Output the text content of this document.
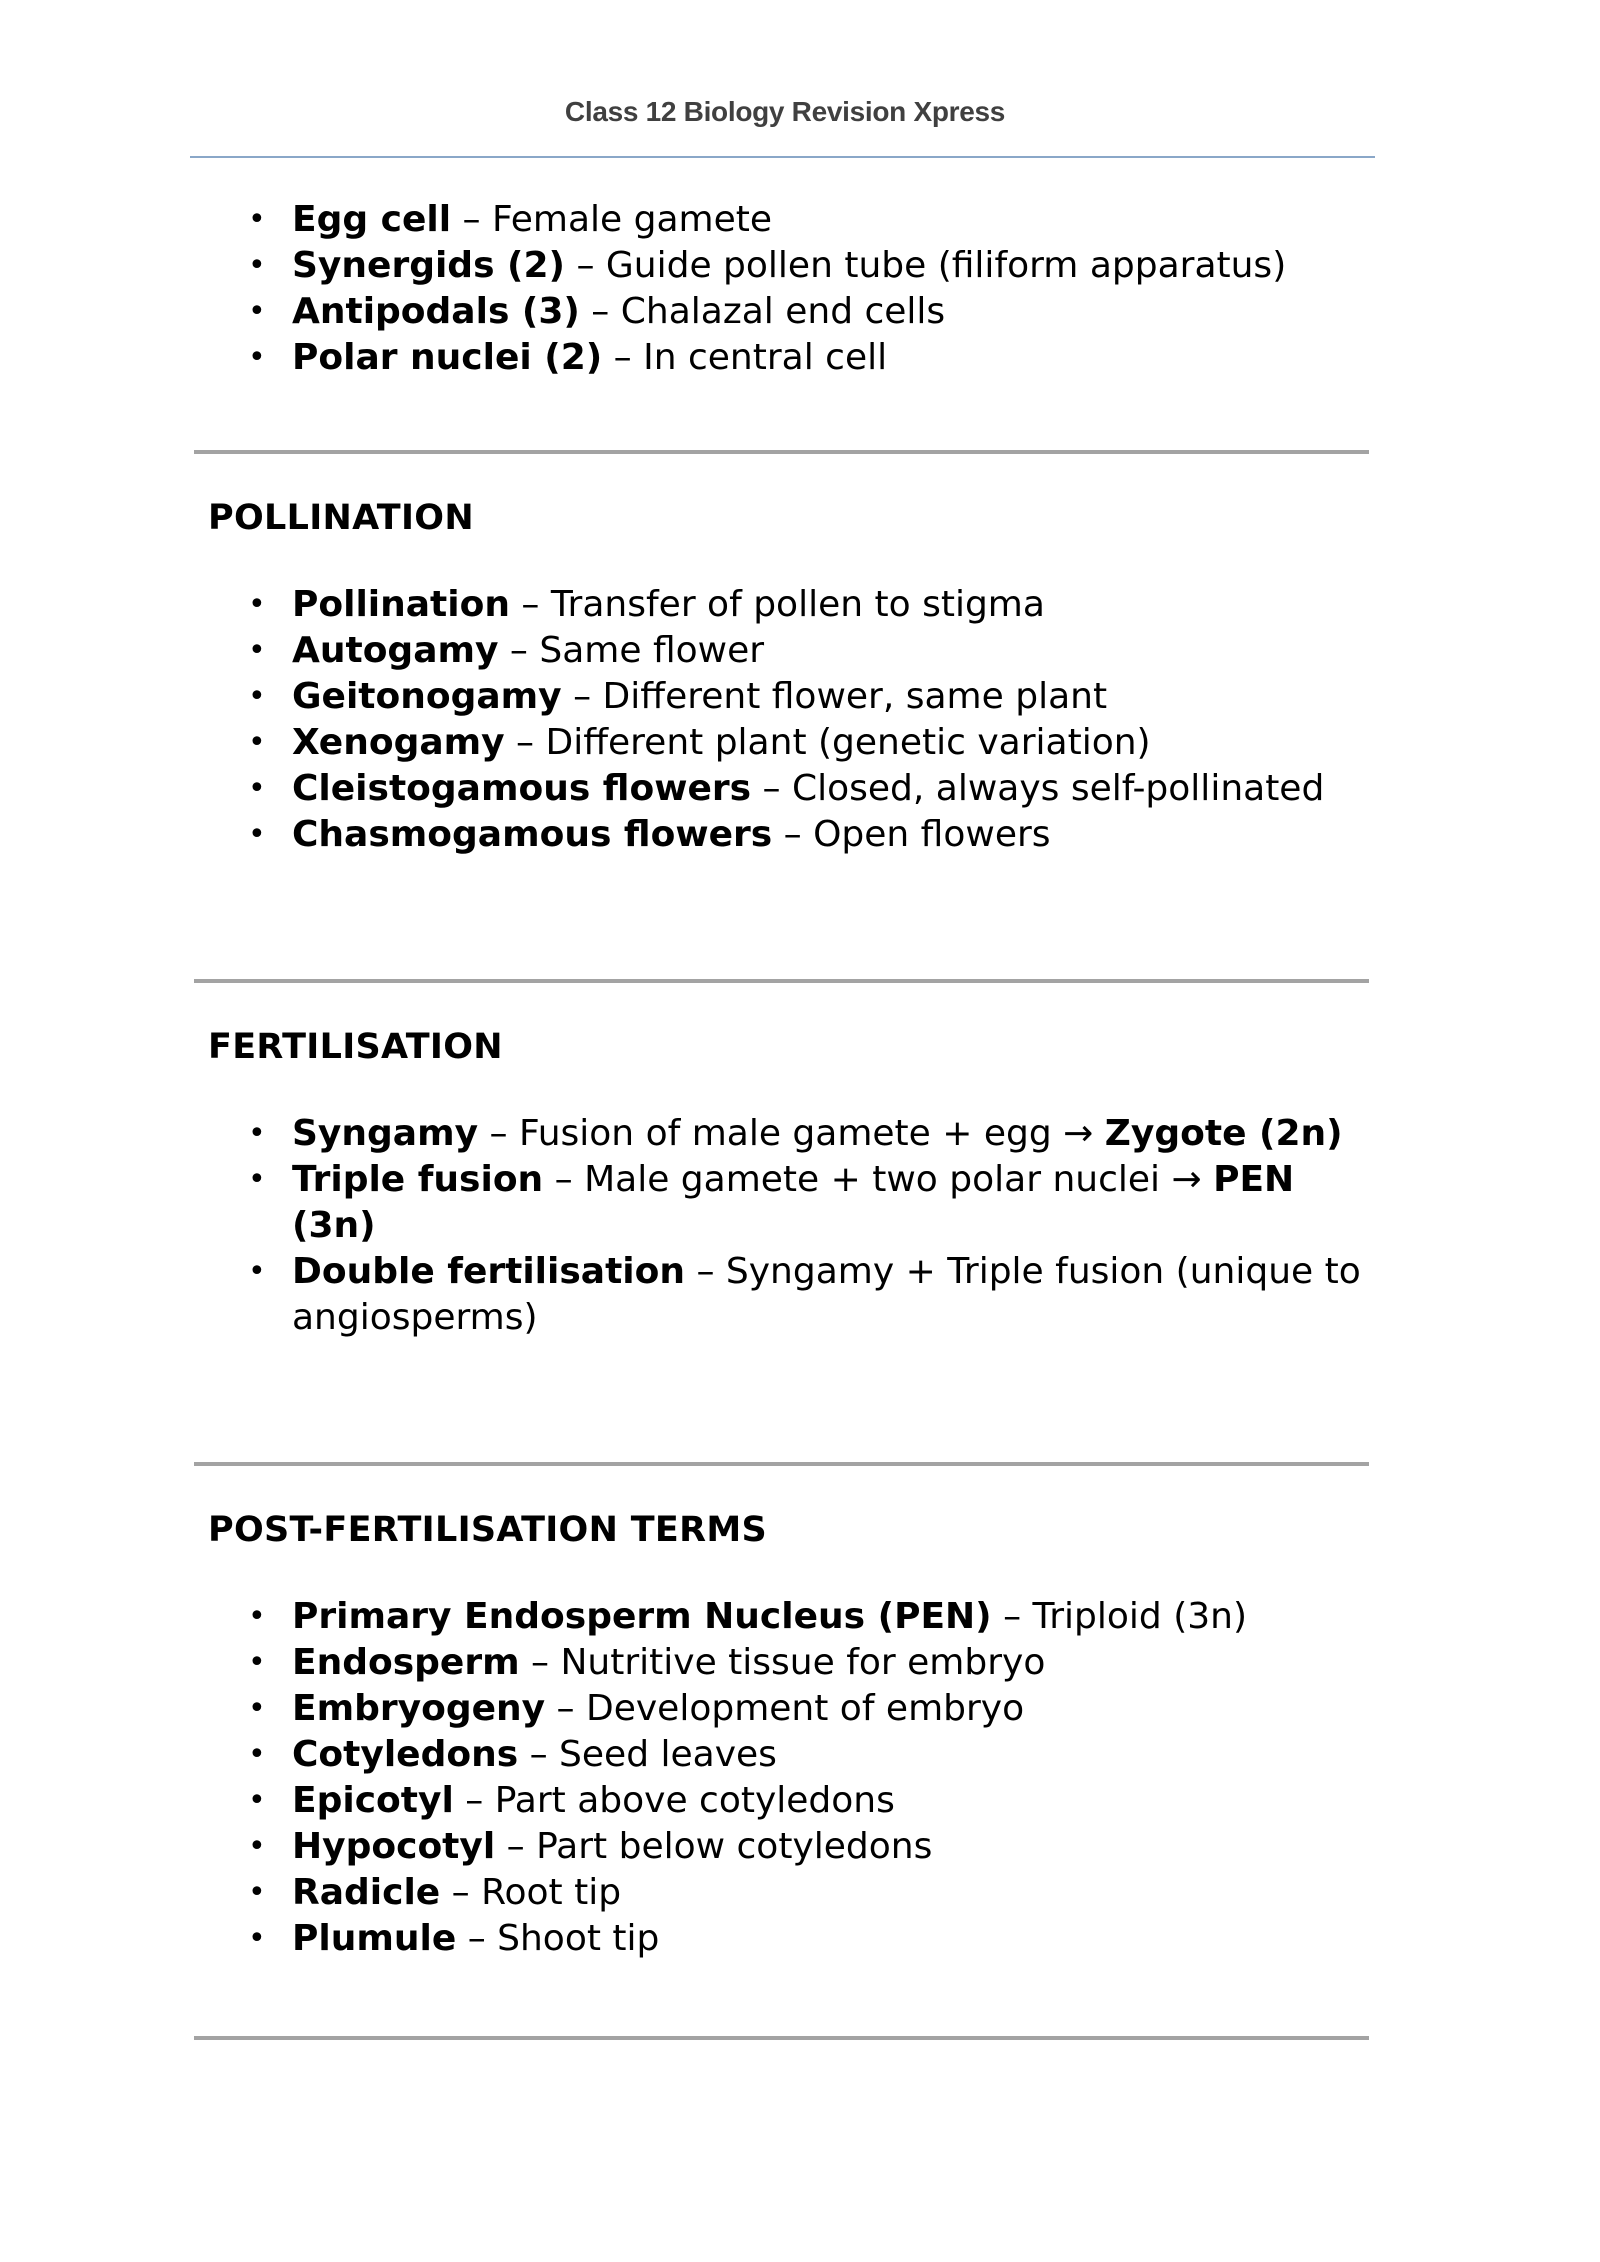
Class 12 Biology Revision Xpress
• Egg cell – Female gamete
• Synergids (2) – Guide pollen tube (filiform apparatus)
• Antipodals (3) – Chalazal end cells
• Polar nuclei (2) – In central cell
POLLINATION
• Pollination – Transfer of pollen to stigma
• Autogamy – Same flower
• Geitonogamy – Different flower, same plant
• Xenogamy – Different plant (genetic variation)
• Cleistogamous flowers – Closed, always self-pollinated
• Chasmogamous flowers – Open flowers
FERTILISATION
• Syngamy – Fusion of male gamete + egg → Zygote (2n)
• Triple fusion – Male gamete + two polar nuclei → PEN (3n)
• Double fertilisation – Syngamy + Triple fusion (unique to angiosperms)
POST-FERTILISATION TERMS
• Primary Endosperm Nucleus (PEN) – Triploid (3n)
• Endosperm – Nutritive tissue for embryo
• Embryogeny – Development of embryo
• Cotyledons – Seed leaves
• Epicotyl – Part above cotyledons
• Hypocotyl – Part below cotyledons
• Radicle – Root tip
• Plumule – Shoot tip
